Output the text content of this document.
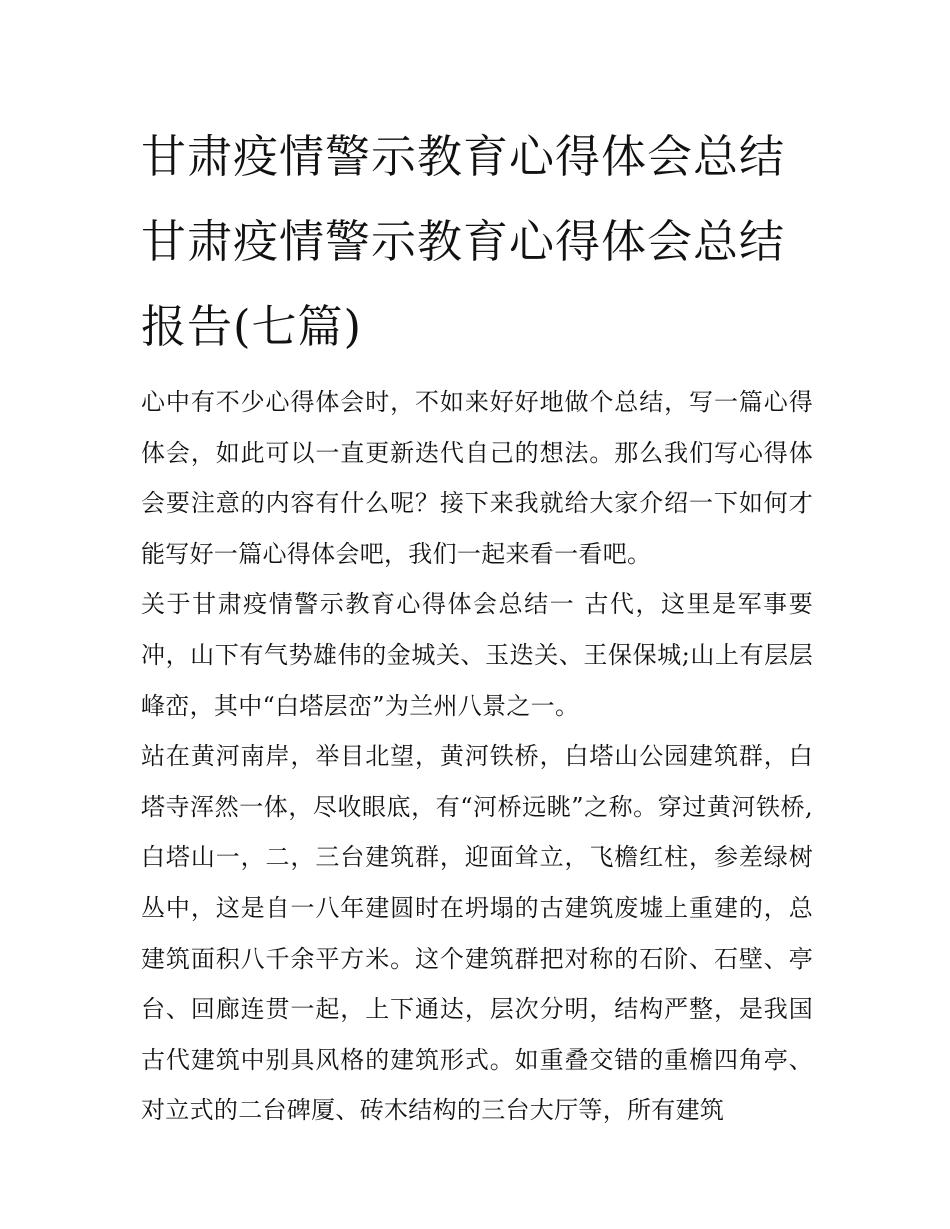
甘肃疫情警示教育心得体会总结 甘肃疫情警示教育心得体会总结报告(七篇)

心中有不少心得体会时，不如来好好地做个总结，写一篇心得体会，如此可以一直更新迭代自己的想法。那么我们写心得体会要注意的内容有什么呢？接下来我就给大家介绍一下如何才能写好一篇心得体会吧，我们一起来看一看吧。

关于甘肃疫情警示教育心得体会总结一 古代，这里是军事要冲，山下有气势雄伟的金城关、玉迭关、王保保城;山上有层层峰峦，其中“白塔层峦”为兰州八景之一。

站在黄河南岸，举目北望，黄河铁桥，白塔山公园建筑群，白塔寺浑然一体，尽收眼底，有“河桥远眺”之称。穿过黄河铁桥,白塔山一，二，三台建筑群，迎面耸立，飞檐红柱，参差绿树丛中，这是自一八年建圆时在坍塌的古建筑废墟上重建的，总建筑面积八千余平方米。这个建筑群把对称的石阶、石壁、亭台、回廊连贯一起，上下通达，层次分明，结构严整，是我国古代建筑中别具风格的建筑形式。如重叠交错的重檐四角亭、对立式的二台碑厦、砖木结构的三台大厅等，所有建筑
